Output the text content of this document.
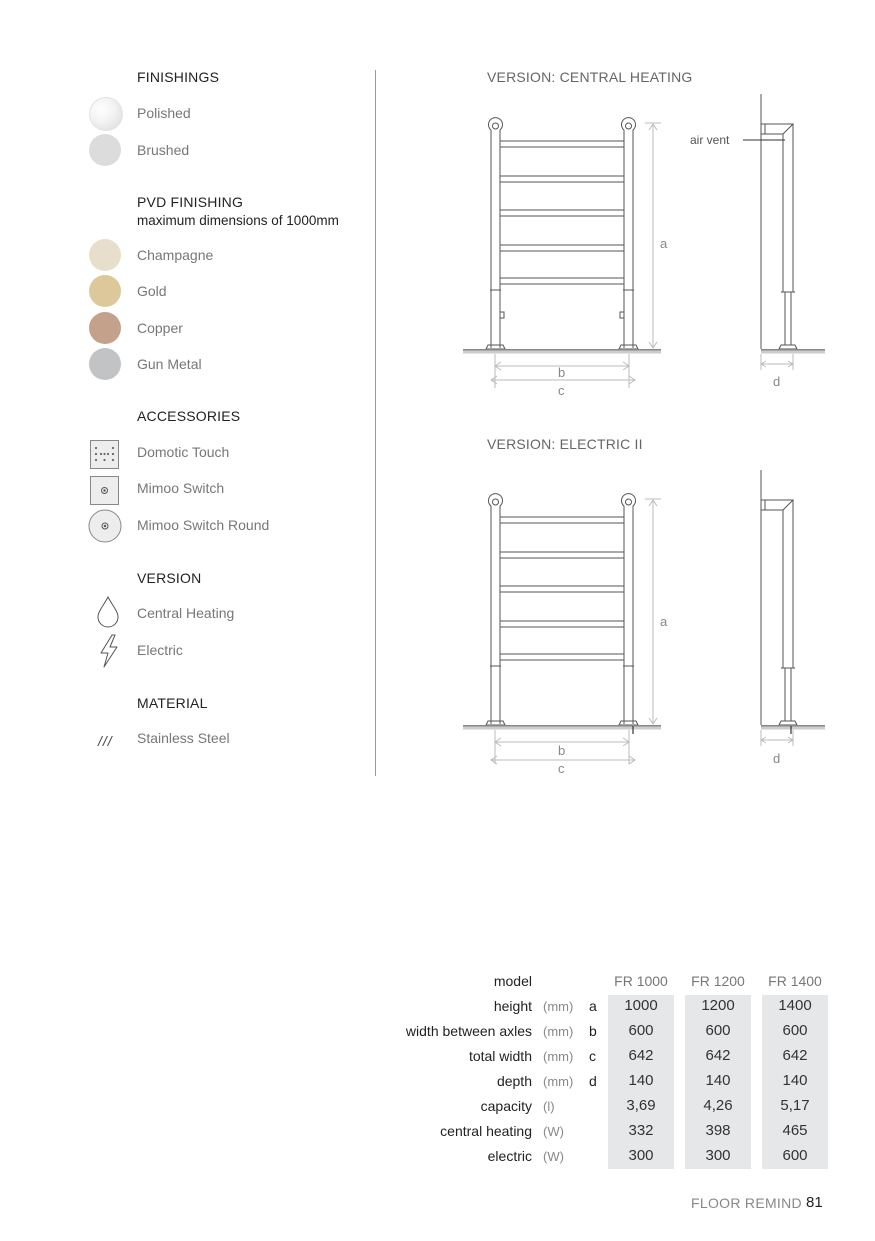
FINISHINGS
Polished
Brushed
PVD FINISHING
maximum dimensions of 1000mm
Champagne
Gold
Copper
Gun Metal
ACCESSORIES
Domotic Touch
Mimoo Switch
Mimoo Switch Round
VERSION
Central Heating
Electric
MATERIAL
/// Stainless Steel
VERSION: CENTRAL HEATING
a
b
c
d
air vent
VERSION: ELECTRIC II
a
b
c
d
model	FR 1000	FR 1200	FR 1400
height (mm) a	1000	1200	1400
width between axles (mm) b	600	600	600
total width (mm) c	642	642	642
depth (mm) d	140	140	140
capacity (l)	3,69	4,26	5,17
central heating (W)	332	398	465
electric (W)	300	300	600
FLOOR REMIND 81
